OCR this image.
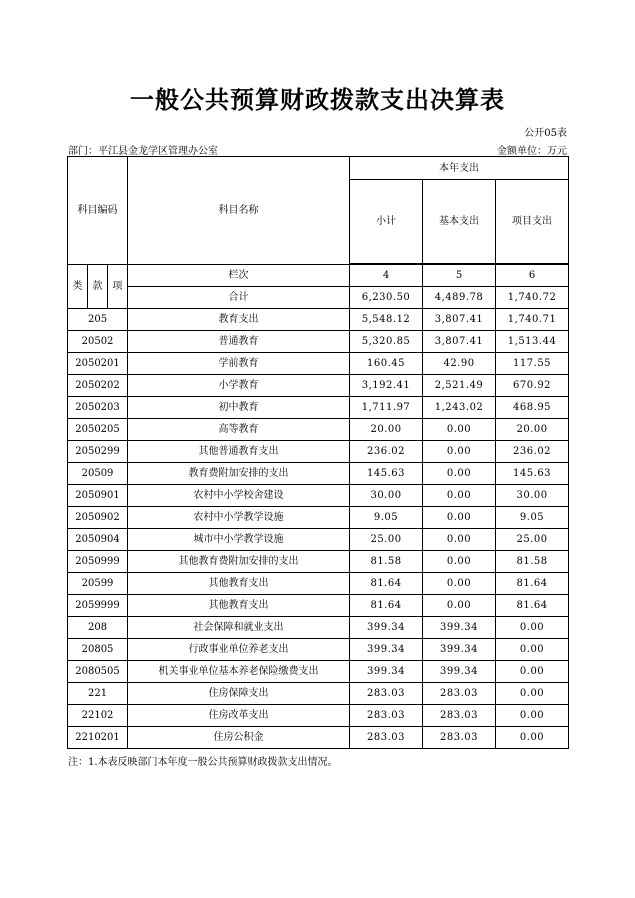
一般公共预算财政拨款支出决算表
公开05表
部门：平江县金龙学区管理办公室	金额单位：万元
科目编码			科目名称	本年支出		
				小计	基本支出	项目支出

类	款	项	栏次	4	5	6
			合计	6,230.50	4,489.78	1,740.72
205			教育支出	5,548.12	3,807.41	1,740.71
20502			普通教育	5,320.85	3,807.41	1,513.44
2050201			学前教育	160.45	42.90	117.55
2050202			小学教育	3,192.41	2,521.49	670.92
2050203			初中教育	1,711.97	1,243.02	468.95
2050205			高等教育	20.00	0.00	20.00
2050299			其他普通教育支出	236.02	0.00	236.02
20509			教育费附加安排的支出	145.63	0.00	145.63
2050901			农村中小学校舍建设	30.00	0.00	30.00
2050902			农村中小学教学设施	9.05	0.00	9.05
2050904			城市中小学教学设施	25.00	0.00	25.00
2050999			其他教育费附加安排的支出	81.58	0.00	81.58
20599			其他教育支出	81.64	0.00	81.64
2059999			其他教育支出	81.64	0.00	81.64
208			社会保障和就业支出	399.34	399.34	0.00
20805			行政事业单位养老支出	399.34	399.34	0.00
2080505			机关事业单位基本养老保险缴费支出	399.34	399.34	0.00
221			住房保障支出	283.03	283.03	0.00
22102			住房改革支出	283.03	283.03	0.00
2210201			住房公积金	283.03	283.03	0.00
注：1.本表反映部门本年度一般公共预算财政拨款支出情况。
